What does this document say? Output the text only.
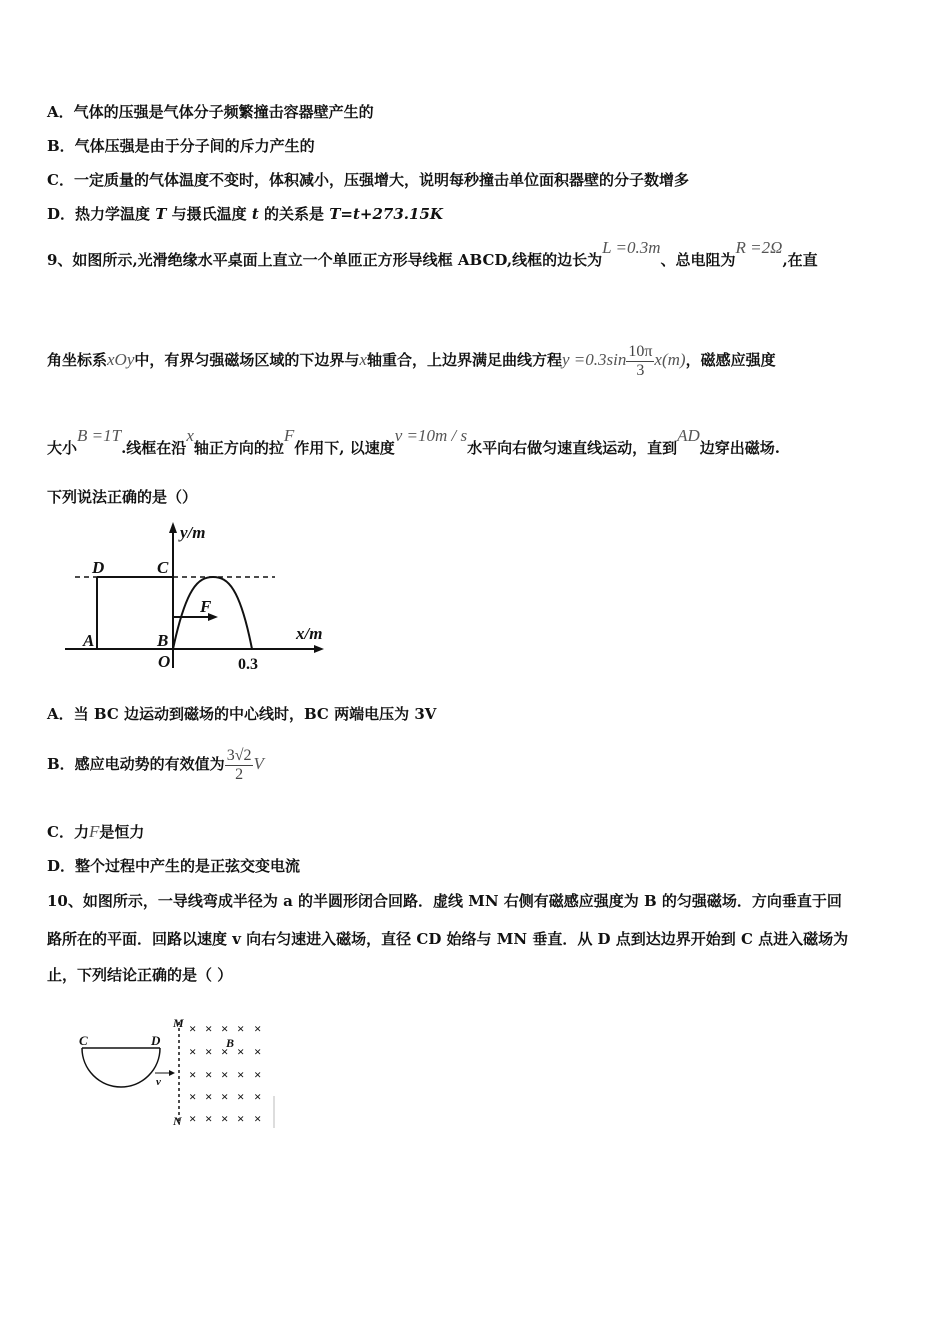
A．气体的压强是气体分子频繁撞击容器壁产生的
B．气体压强是由于分子间的斥力产生的
C．一定质量的气体温度不变时，体积减小，压强增大，说明每秒撞击单位面积器壁的分子数增多
D．热力学温度 T 与摄氏温度 t 的关系是 T=t+273.15K
9、如图所示,光滑绝缘水平桌面上直立一个单匝正方形导线框 ABCD,线框的边长为L =0.3m、总电阻为R =2Ω,在直
角坐标系xOy中，有界匀强磁场区域的下边界与x轴重合，上边界满足曲线方程$y =0.3\sin \frac{10\pi}{3} x(m)$，磁感应强度
大小B =1T.线框在沿x轴正方向的拉F作用下, 以速度v =10m / s水平向右做匀速直线运动，直到AD边穿出磁场.
下列说法正确的是（）
y/m
x/m
D	C
A	B
O
F
0.3
A．当 BC 边运动到磁场的中心线时，BC 两端电压为 3V
B．感应电动势的有效值为 $\frac{3√2}{2}$ V
C．力F是恒力
D．整个过程中产生的是正弦交变电流
10、如图所示，一导线弯成半径为 a 的半圆形闭合回路．虚线 MN 右侧有磁感应强度为 B 的匀强磁场．方向垂直于回
路所在的平面．回路以速度 v 向右匀速进入磁场，直径 CD 始络与 MN 垂直．从 D 点到达边界开始到 C 点进入磁场为
止，下列结论正确的是（ ）
C	D
M
N
B
v
× × × × ×
× × × × ×
× × × × ×
× × × × ×
× × × × ×
